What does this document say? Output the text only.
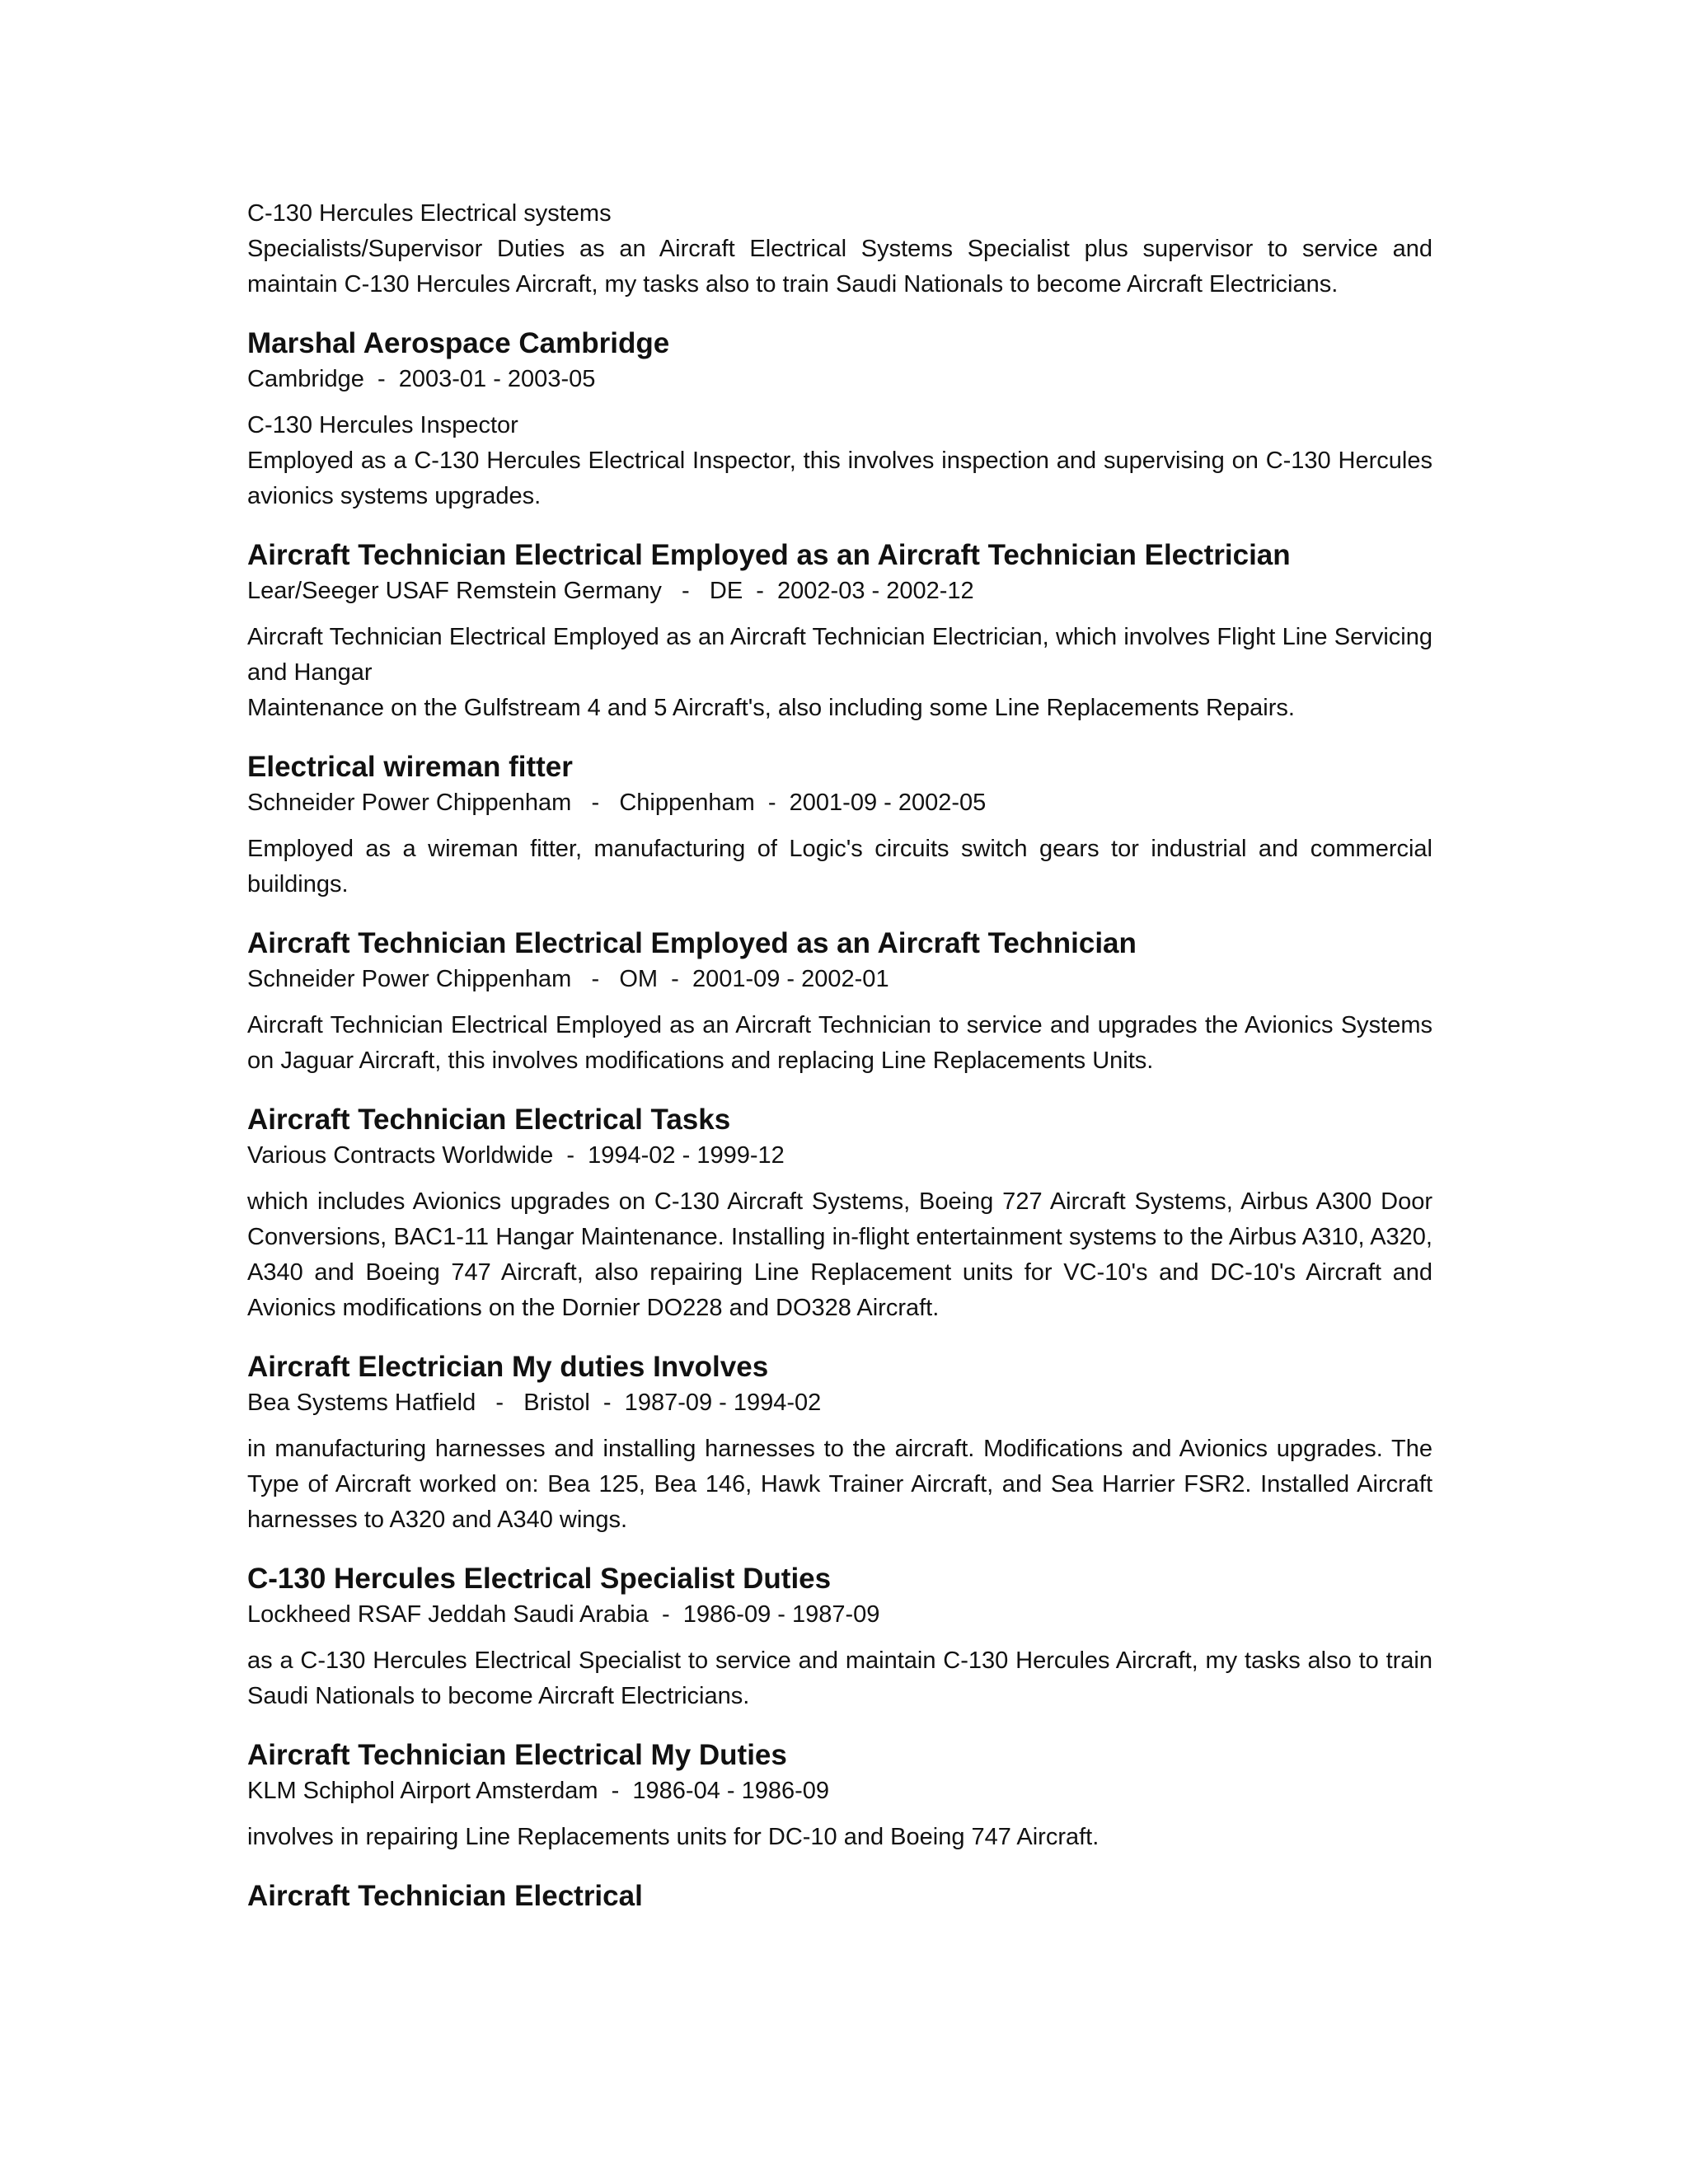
C-130 Hercules Electrical systems

Specialists/Supervisor Duties as an Aircraft Electrical Systems Specialist plus supervisor to service and maintain C-130 Hercules Aircraft, my tasks also to train Saudi Nationals to become Aircraft Electricians.

Marshal Aerospace Cambridge

Cambridge  -  2003-01 - 2003-05

C-130 Hercules Inspector

Employed as a C-130 Hercules Electrical Inspector, this involves inspection and supervising on C-130 Hercules avionics systems upgrades.

Aircraft Technician Electrical Employed as an Aircraft Technician Electrician

Lear/Seeger USAF Remstein Germany   -   DE  -  2002-03 - 2002-12

Aircraft Technician Electrical Employed as an Aircraft Technician Electrician, which involves Flight Line Servicing and Hangar

Maintenance on the Gulfstream 4 and 5 Aircraft's, also including some Line Replacements Repairs.

Electrical wireman fitter

Schneider Power Chippenham   -   Chippenham  -  2001-09 - 2002-05

Employed as a wireman fitter, manufacturing of Logic's circuits switch gears tor industrial and commercial buildings.

Aircraft Technician Electrical Employed as an Aircraft Technician

Schneider Power Chippenham   -   OM  -  2001-09 - 2002-01

Aircraft Technician Electrical Employed as an Aircraft Technician to service and upgrades the Avionics Systems on Jaguar Aircraft, this involves modifications and replacing Line Replacements Units.

Aircraft Technician Electrical Tasks

Various Contracts Worldwide  -  1994-02 - 1999-12

which includes Avionics upgrades on C-130 Aircraft Systems, Boeing 727 Aircraft Systems, Airbus A300 Door Conversions, BAC1-11 Hangar Maintenance. Installing in-flight entertainment systems to the Airbus A310, A320, A340 and Boeing 747 Aircraft, also repairing Line Replacement units for VC-10's and DC-10's Aircraft and Avionics modifications on the Dornier DO228 and DO328 Aircraft.

Aircraft Electrician My duties Involves

Bea Systems Hatfield   -   Bristol  -  1987-09 - 1994-02

in manufacturing harnesses and installing harnesses to the aircraft. Modifications and Avionics upgrades. The Type of Aircraft worked on: Bea 125, Bea 146, Hawk Trainer Aircraft, and Sea Harrier FSR2. Installed Aircraft harnesses to A320 and A340 wings.

C-130 Hercules Electrical Specialist Duties

Lockheed RSAF Jeddah Saudi Arabia  -  1986-09 - 1987-09

as a C-130 Hercules Electrical Specialist to service and maintain C-130 Hercules Aircraft, my tasks also to train Saudi Nationals to become Aircraft Electricians.

Aircraft Technician Electrical My Duties

KLM Schiphol Airport Amsterdam  -  1986-04 - 1986-09

involves in repairing Line Replacements units for DC-10 and Boeing 747 Aircraft.

Aircraft Technician Electrical
